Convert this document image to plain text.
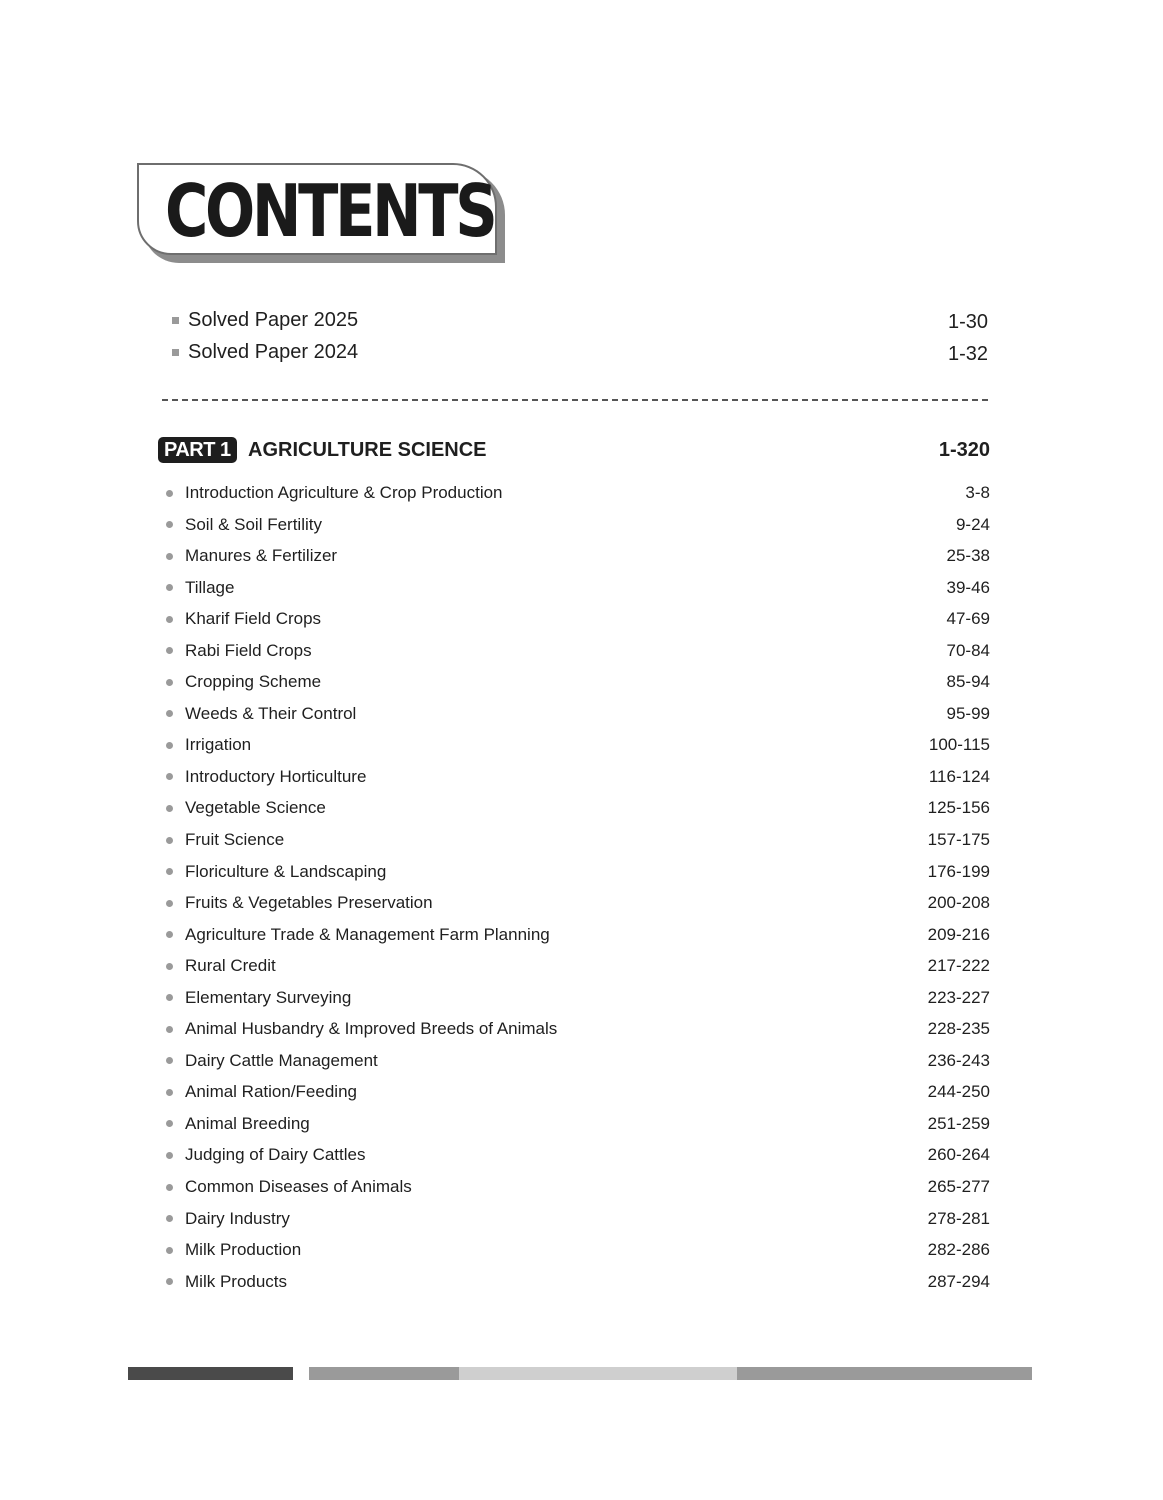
CONTENTS
Solved Paper 2025	1-30
Solved Paper 2024	1-32
PART 1 AGRICULTURE SCIENCE	1-320
Introduction Agriculture & Crop Production	3-8
Soil & Soil Fertility	9-24
Manures & Fertilizer	25-38
Tillage	39-46
Kharif Field Crops	47-69
Rabi Field Crops	70-84
Cropping Scheme	85-94
Weeds & Their Control	95-99
Irrigation	100-115
Introductory Horticulture	116-124
Vegetable Science	125-156
Fruit Science	157-175
Floriculture & Landscaping	176-199
Fruits & Vegetables Preservation	200-208
Agriculture Trade & Management Farm Planning	209-216
Rural Credit	217-222
Elementary Surveying	223-227
Animal Husbandry & Improved Breeds of Animals	228-235
Dairy Cattle Management	236-243
Animal Ration/Feeding	244-250
Animal Breeding	251-259
Judging of Dairy Cattles	260-264
Common Diseases of Animals	265-277
Dairy Industry	278-281
Milk Production	282-286
Milk Products	287-294
